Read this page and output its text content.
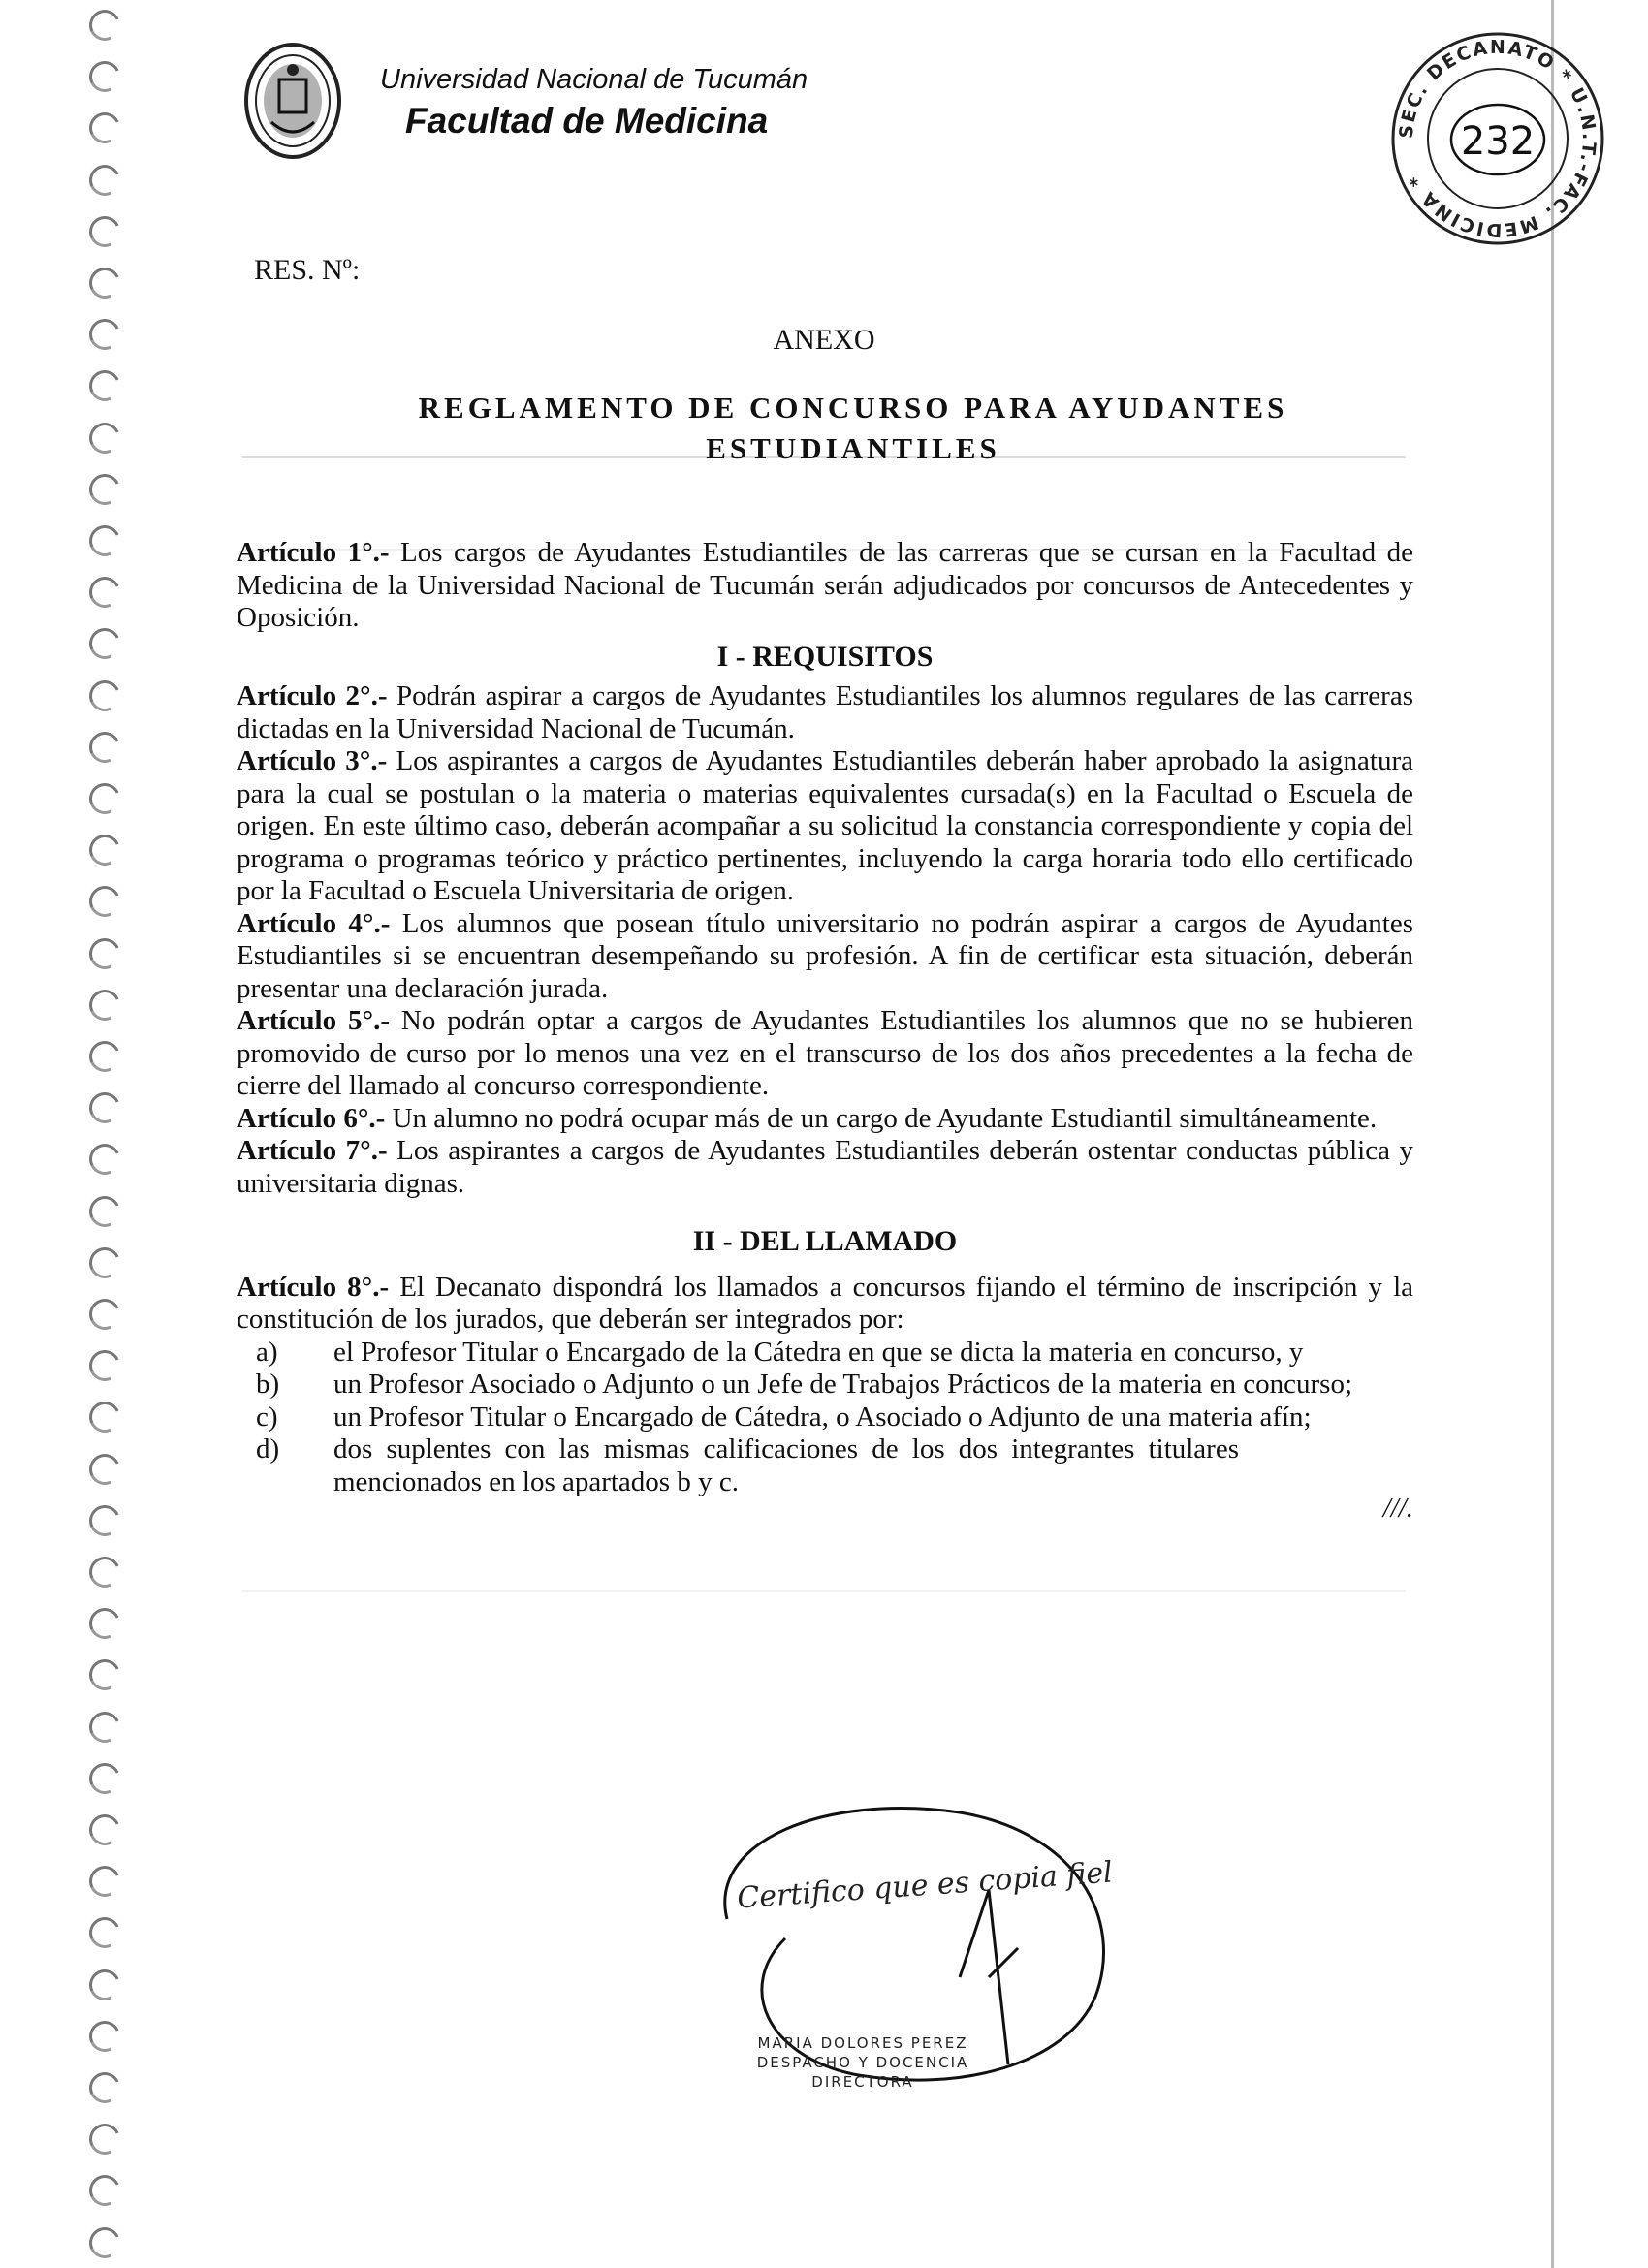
Universidad Nacional de Tucumán
Facultad de Medicina	SEC. DECANATO * U.N.T.-FAC. MEDICINA *
232
RES. Nº:
ANEXO
REGLAMENTO DE CONCURSO PARA AYUDANTES
ESTUDIANTILES

Artículo 1°.- Los cargos de Ayudantes Estudiantiles de las carreras que se cursan en la Facultad de Medicina de la Universidad Nacional de Tucumán serán adjudicados por concursos de Antecedentes y Oposición.

I - REQUISITOS

Artículo 2°.- Podrán aspirar a cargos de Ayudantes Estudiantiles los alumnos regulares de las carreras dictadas en la Universidad Nacional de Tucumán.

Artículo 3°.- Los aspirantes a cargos de Ayudantes Estudiantiles deberán haber aprobado la asignatura para la cual se postulan o la materia o materias equivalentes cursada(s) en la Facultad o Escuela de origen. En este último caso, deberán acompañar a su solicitud la constancia correspondiente y copia del programa o programas teórico y práctico pertinentes, incluyendo la carga horaria todo ello certificado por la Facultad o Escuela Universitaria de origen.

Artículo 4°.- Los alumnos que posean título universitario no podrán aspirar a cargos de Ayudantes Estudiantiles si se encuentran desempeñando su profesión. A fin de certificar esta situación, deberán presentar una declaración jurada.

Artículo 5°.- No podrán optar a cargos de Ayudantes Estudiantiles los alumnos que no se hubieren promovido de curso por lo menos una vez en el transcurso de los dos años precedentes a la fecha de cierre del llamado al concurso correspondiente.

Artículo 6°.- Un alumno no podrá ocupar más de un cargo de Ayudante Estudiantil simultáneamente.

Artículo 7°.- Los aspirantes a cargos de Ayudantes Estudiantiles deberán ostentar conductas pública y universitaria dignas.

II - DEL LLAMADO

Artículo 8°.- El Decanato dispondrá los llamados a concursos fijando el término de inscripción y la constitución de los jurados, que deberán ser integrados por:

a) el Profesor Titular o Encargado de la Cátedra en que se dicta la materia en concurso, y
b) un Profesor Asociado o Adjunto o un Jefe de Trabajos Prácticos de la materia en concurso;
c) un Profesor Titular o Encargado de Cátedra, o Asociado o Adjunto de una materia afín;
d) dos suplentes con las mismas calificaciones de los dos integrantes titulares mencionados en los apartados b y c.
///.
Certifico que es copia fiel
MARIA DOLORES PEREZ
DESPACHO Y DOCENCIA
DIRECTORA
